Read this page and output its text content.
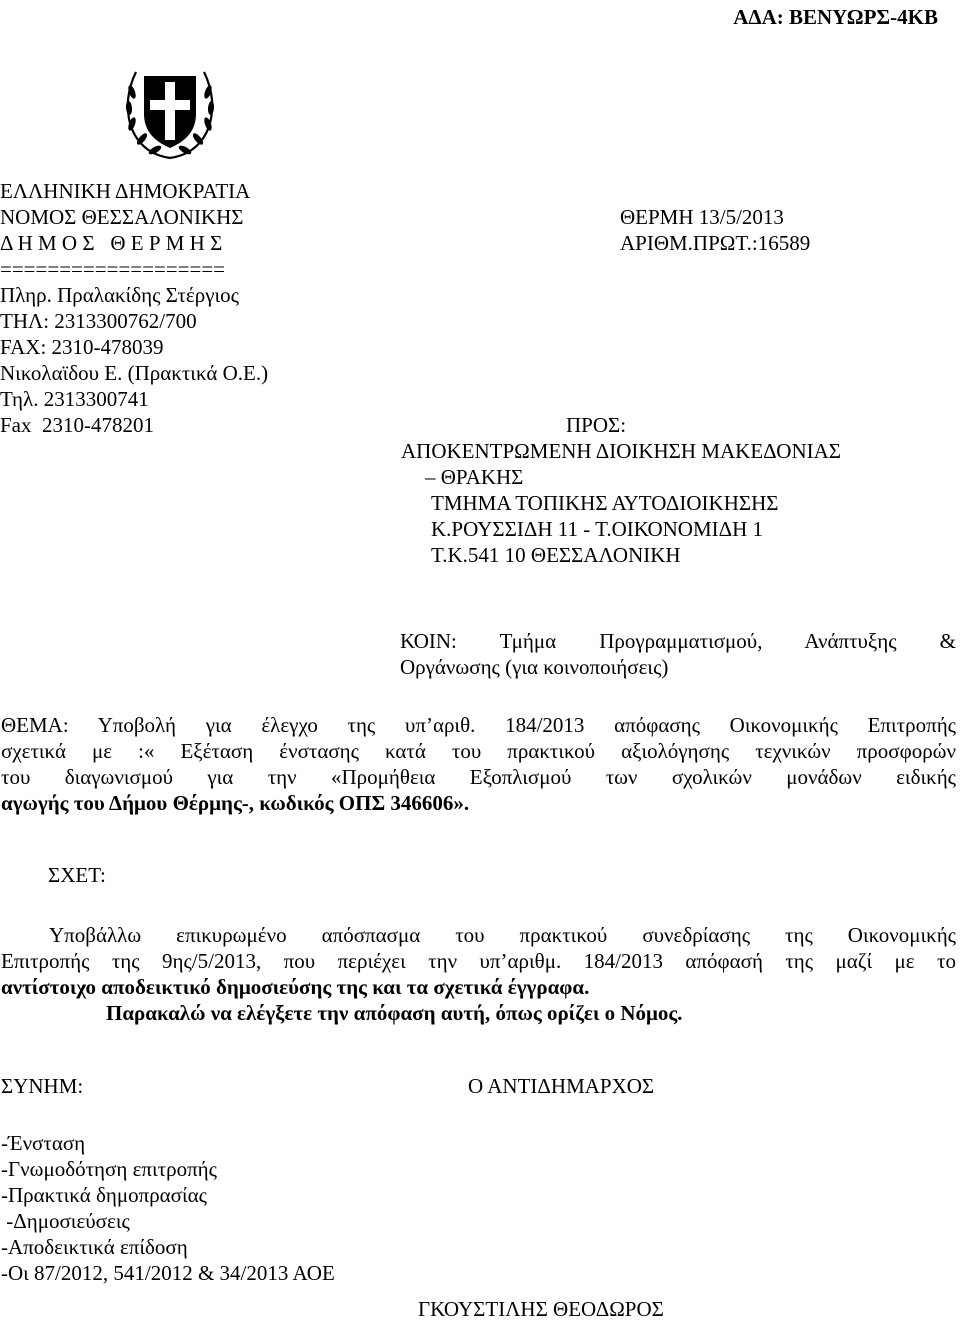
ΑΔΑ: ΒΕΝΥΩΡΣ-4ΚΒ
ΕΛΛΗΝΙΚΗ ΔΗΜΟΚΡΑΤΙΑ
ΝΟΜΟΣ ΘΕΣΣΑΛΟΝΙΚΗΣ
Δ Η Μ Ο Σ   Θ Ε Ρ Μ Η Σ
===================
Πληρ. Πραλακίδης Στέργιος
ΤΗΛ: 2313300762/700
FAX: 2310-478039
Νικολαϊδου Ε. (Πρακτικά Ο.Ε.)
Τηλ. 2313300741
Fax  2310-478201
ΘΕΡΜΗ 13/5/2013
ΑΡΙΘΜ.ΠΡΩΤ.:16589
ΠΡΟΣ:
ΑΠΟΚΕΝΤΡΩΜΕΝΗ ΔΙΟΙΚΗΣΗ ΜΑΚΕΔΟΝΙΑΣ
– ΘΡΑΚΗΣ
ΤΜΗΜΑ ΤΟΠΙΚΗΣ ΑΥΤΟΔΙΟΙΚΗΣΗΣ
Κ.ΡΟΥΣΣΙΔΗ 11 - Τ.ΟΙΚΟΝΟΜΙΔΗ 1
Τ.Κ.541 10 ΘΕΣΣΑΛΟΝΙΚΗ
ΚΟΙΝ: Τμήμα Προγραμματισμού, Ανάπτυξης &
Οργάνωσης (για κοινοποιήσεις)
ΘΕΜΑ: Υποβολή για έλεγχο της υπ’αριθ. 184/2013 απόφασης Οικονομικής Επιτροπής
σχετικά με :« Εξέταση ένστασης κατά του πρακτικού αξιολόγησης τεχνικών προσφορών
του διαγωνισμού για την «Προμήθεια Εξοπλισμού των σχολικών μονάδων ειδικής
αγωγής του Δήμου Θέρμης-, κωδικός ΟΠΣ 346606».
ΣΧΕΤ:
Υποβάλλω επικυρωμένο απόσπασμα του πρακτικού συνεδρίασης της Οικονομικής
Επιτροπής της 9ης/5/2013, που περιέχει την υπ’αριθμ. 184/2013 απόφασή της μαζί με το
αντίστοιχο αποδεικτικό δημοσιεύσης της και τα σχετικά έγγραφα.
Παρακαλώ να ελέγξετε την απόφαση αυτή, όπως ορίζει ο Νόμος.
ΣΥΝΗΜ:	Ο ΑΝΤΙΔΗΜΑΡΧΟΣ
-Ένσταση
-Γνωμοδότηση επιτροπής
-Πρακτικά δημοπρασίας
-Δημοσιεύσεις
-Αποδεικτικά επίδοση
-Οι 87/2012, 541/2012 & 34/2013 ΑΟΕ
ΓΚΟΥΣΤΙΛΗΣ ΘΕΟΔΩΡΟΣ
